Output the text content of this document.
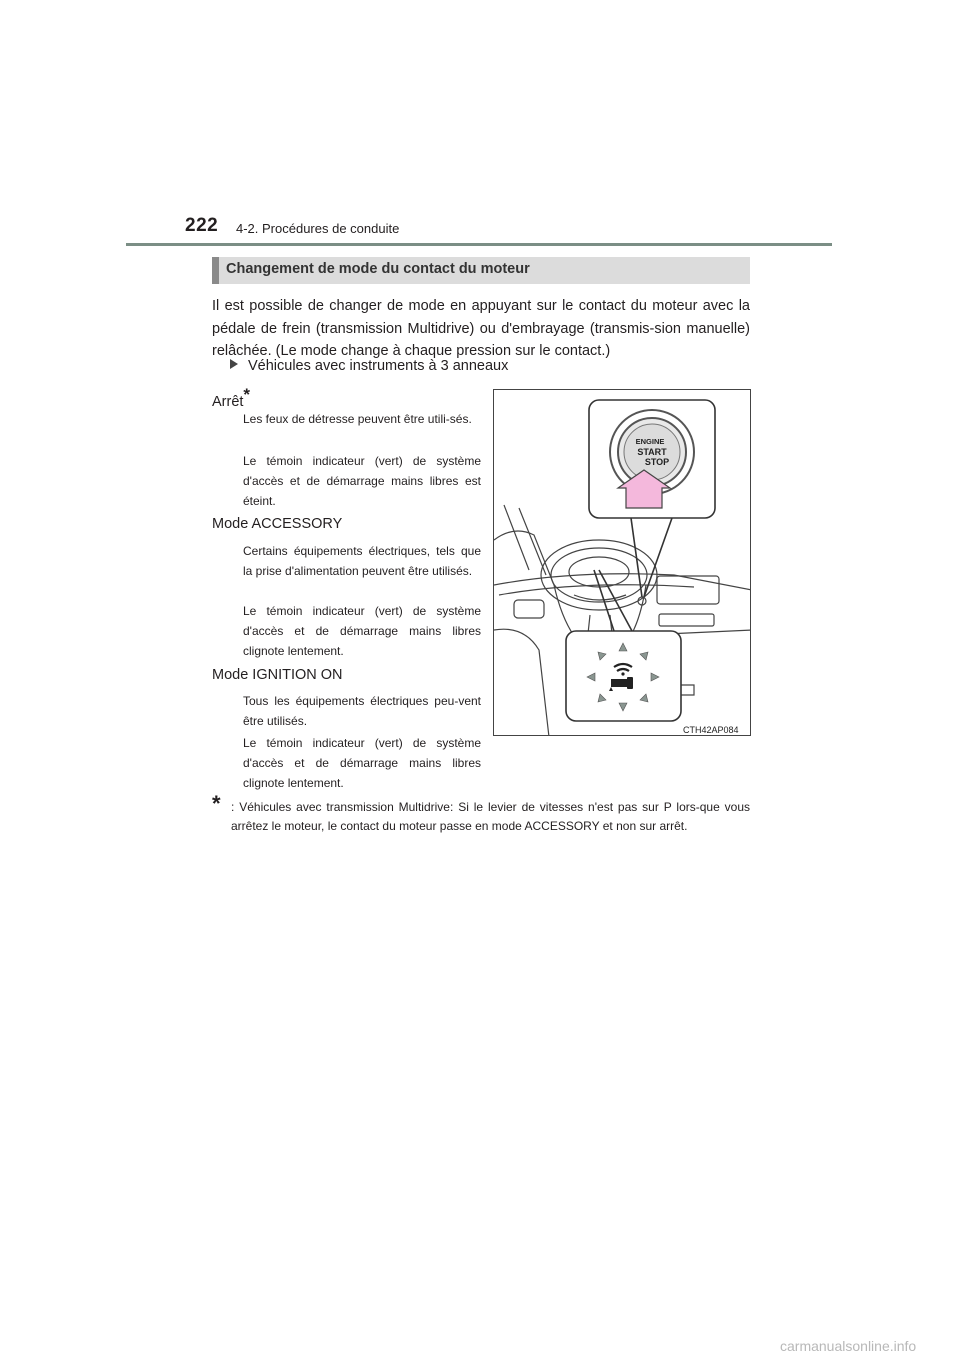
222 4-2. Procédures de conduite
Changement de mode du contact du moteur
Il est possible de changer de mode en appuyant sur le contact du moteur avec la pédale de frein (transmission Multidrive) ou d'embrayage (transmis-sion manuelle) relâchée. (Le mode change à chaque pression sur le contact.)
Véhicules avec instruments à 3 anneaux
Arrêt*
Les feux de détresse peuvent être utili-sés.
Le témoin indicateur (vert) de système d'accès et de démarrage mains libres est éteint.
Mode ACCESSORY
Certains équipements électriques, tels que la prise d'alimentation peuvent être utilisés.
Le témoin indicateur (vert) de système d'accès et de démarrage mains libres clignote lentement.
Mode IGNITION ON
Tous les équipements électriques peu-vent être utilisés.
Le témoin indicateur (vert) de système d'accès et de démarrage mains libres clignote lentement.
ENGINE
START
STOP
CTH42AP084
* : Véhicules avec transmission Multidrive: Si le levier de vitesses n'est pas sur P lors-que vous arrêtez le moteur, le contact du moteur passe en mode ACCESSORY et non sur arrêt.
carmanualsonline.info
